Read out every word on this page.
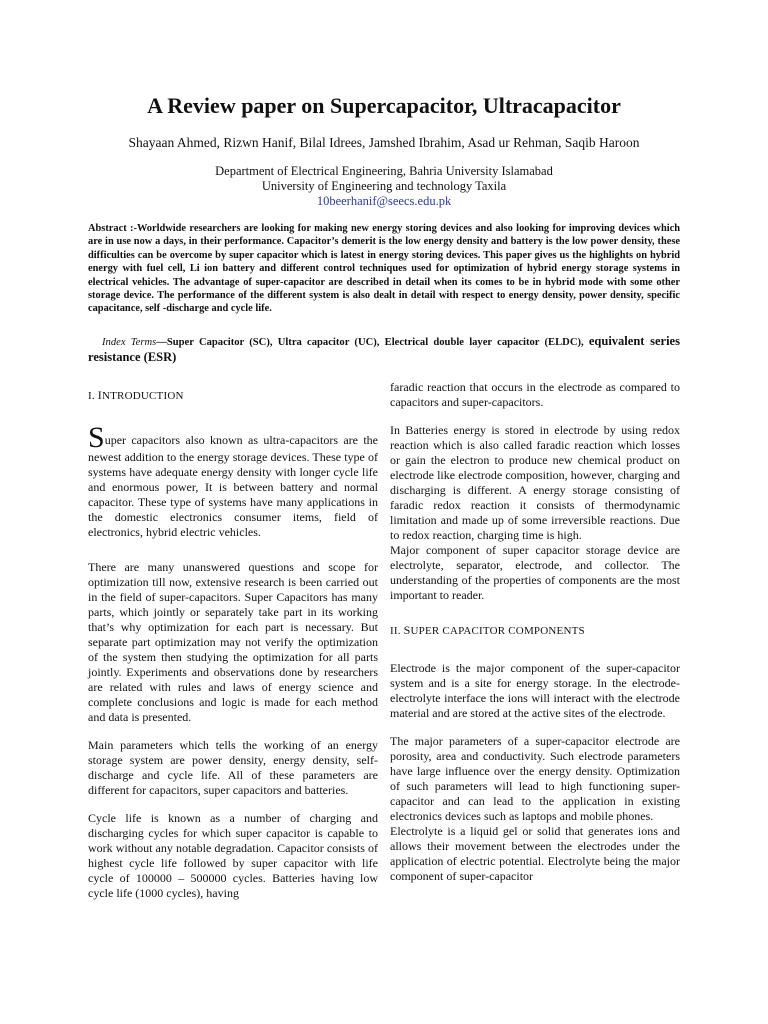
A Review paper on Supercapacitor, Ultracapacitor
Shayaan Ahmed, Rizwn Hanif, Bilal Idrees, Jamshed Ibrahim, Asad ur Rehman, Saqib Haroon
Department of Electrical Engineering, Bahria University Islamabad
University of Engineering and technology Taxila
10beerhanif@seecs.edu.pk

Abstract :-Worldwide researchers are looking for making new energy storing devices and also looking for improving devices which are in use now a days, in their performance. Capacitor’s demerit is the low energy density and battery is the low power density, these difficulties can be overcome by super capacitor which is latest in energy storing devices. This paper gives us the highlights on hybrid energy with fuel cell, Li ion battery and different control techniques used for optimization of hybrid energy storage systems in electrical vehicles. The advantage of super-capacitor are described in detail when its comes to be in hybrid mode with some other storage device. The performance of the different system is also dealt in detail with respect to energy density, power density, specific capacitance, self -discharge and cycle life.

Index Terms—Super Capacitor (SC), Ultra capacitor (UC), Electrical double layer capacitor (ELDC), equivalent series resistance (ESR)

I. INTRODUCTION

Super capacitors also known as ultra-capacitors are the newest addition to the energy storage devices. These type of systems have adequate energy density with longer cycle life and enormous power, It is between battery and normal capacitor. These type of systems have many applications in the domestic electronics consumer items, field of electronics, hybrid electric vehicles.

There are many unanswered questions and scope for optimization till now, extensive research is been carried out in the field of super-capacitors. Super Capacitors has many parts, which jointly or separately take part in its working that’s why optimization for each part is necessary. But separate part optimization may not verify the optimization of the system then studying the optimization for all parts jointly. Experiments and observations done by researchers are related with rules and laws of energy science and complete conclusions and logic is made for each method and data is presented.

Main parameters which tells the working of an energy storage system are power density, energy density, self-discharge and cycle life. All of these parameters are different for capacitors, super capacitors and batteries.

Cycle life is known as a number of charging and discharging cycles for which super capacitor is capable to work without any notable degradation. Capacitor consists of highest cycle life followed by super capacitor with life cycle of 100000 – 500000 cycles. Batteries having low cycle life (1000 cycles), having

faradic reaction that occurs in the electrode as compared to capacitors and super-capacitors.

In Batteries energy is stored in electrode by using redox reaction which is also called faradic reaction which losses or gain the electron to produce new chemical product on electrode like electrode composition, however, charging and discharging is different. A energy storage consisting of faradic redox reaction it consists of thermodynamic limitation and made up of some irreversible reactions. Due to redox reaction, charging time is high.

Major component of super capacitor storage device are electrolyte, separator, electrode, and collector. The understanding of the properties of components are the most important to reader.

II. SUPER CAPACITOR COMPONENTS

Electrode is the major component of the super-capacitor system and is a site for energy storage. In the electrode-electrolyte interface the ions will interact with the electrode material and are stored at the active sites of the electrode.

The major parameters of a super-capacitor electrode are porosity, area and conductivity. Such electrode parameters have large influence over the energy density. Optimization of such parameters will lead to high functioning super-capacitor and can lead to the application in existing electronics devices such as laptops and mobile phones.

Electrolyte is a liquid gel or solid that generates ions and allows their movement between the electrodes under the application of electric potential. Electrolyte being the major component of super-capacitor
